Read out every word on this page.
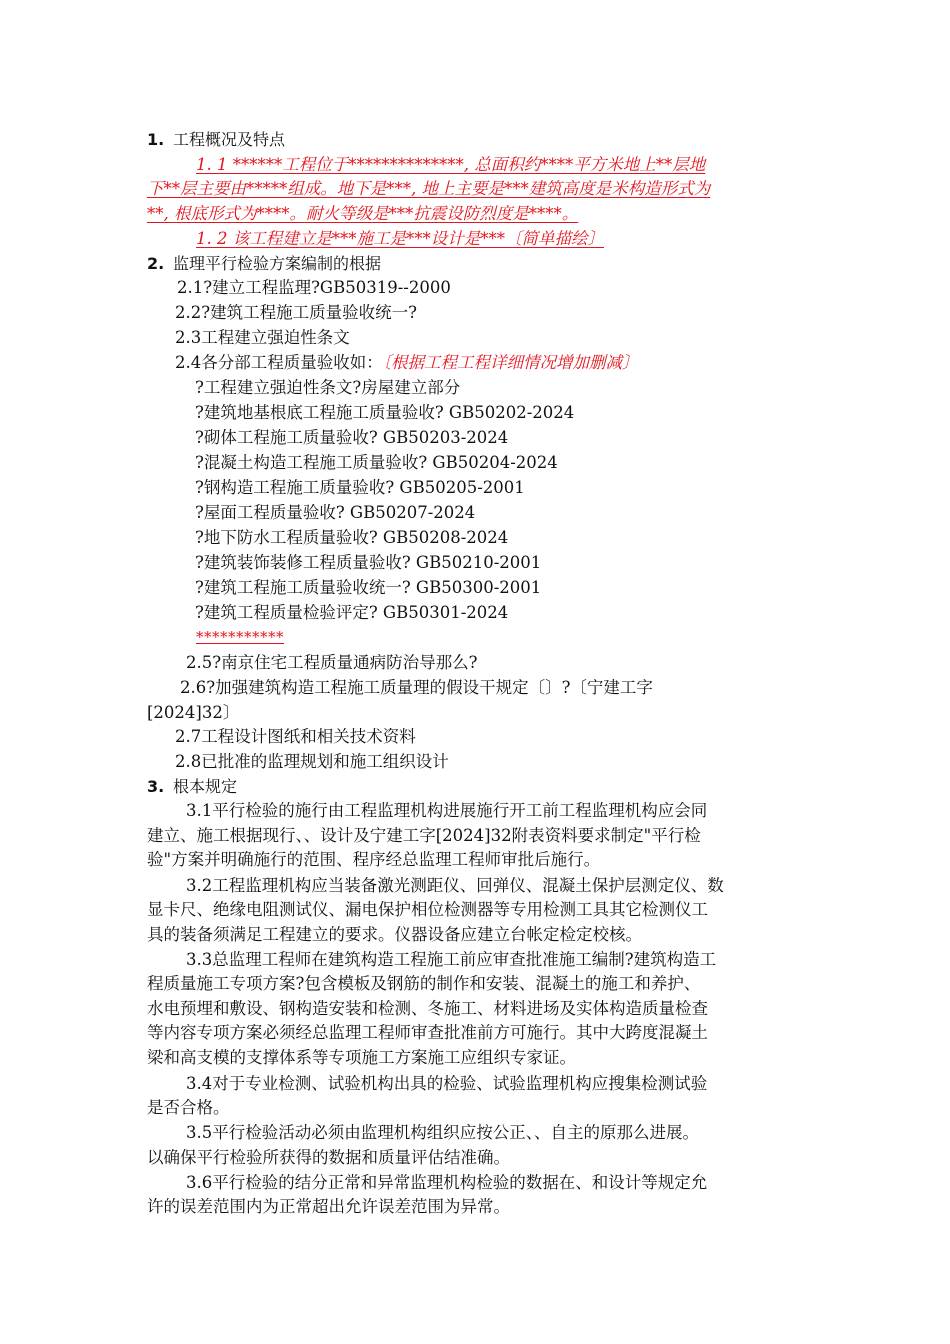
1. 工程概况及特点
1. 1 ******工程位于**************, 总面积约****平方米地上**层地
下**层主要由*****组成。地下是***, 地上主要是***建筑高度是米构造形式为
**, 根底形式为****。耐火等级是***抗震设防烈度是****。
1. 2 该工程建立是***施工是***设计是***〔简单描绘〕
2. 监理平行检验方案编制的根据
2.1?建立工程监理?GB50319--2000
2.2?建筑工程施工质量验收统一?
2.3工程建立强迫性条文
2.4各分部工程质量验收如：〔根据工程工程详细情况增加删减〕
?工程建立强迫性条文?房屋建立部分
?建筑地基根底工程施工质量验收? GB50202-2024
?砌体工程施工质量验收? GB50203-2024
?混凝土构造工程施工质量验收? GB50204-2024
?钢构造工程施工质量验收? GB50205-2001
?屋面工程质量验收? GB50207-2024
?地下防水工程质量验收? GB50208-2024
?建筑装饰装修工程质量验收? GB50210-2001
?建筑工程施工质量验收统一? GB50300-2001
?建筑工程质量检验评定? GB50301-2024
***********
2.5?南京住宅工程质量通病防治导那么?
2.6?加强建筑构造工程施工质量理的假设干规定〔〕?〔宁建工字
[2024]32〕
2.7工程设计图纸和相关技术资料
2.8已批准的监理规划和施工组织设计
3. 根本规定
3.1平行检验的施行由工程监理机构进展施行开工前工程监理机构应会同
建立、施工根据现行、、设计及宁建工字[2024]32附表资料要求制定"平行检
验"方案并明确施行的范围、程序经总监理工程师审批后施行。
3.2工程监理机构应当装备激光测距仪、回弹仪、混凝土保护层测定仪、数
显卡尺、绝缘电阻测试仪、漏电保护相位检测器等专用检测工具其它检测仪工
具的装备须满足工程建立的要求。仪器设备应建立台帐定检定校核。
3.3总监理工程师在建筑构造工程施工前应审查批准施工编制?建筑构造工
程质量施工专项方案?包含模板及钢筋的制作和安装、混凝土的施工和养护、
水电预埋和敷设、钢构造安装和检测、冬施工、材料进场及实体构造质量检查
等内容专项方案必须经总监理工程师审查批准前方可施行。其中大跨度混凝土
梁和高支模的支撑体系等专项施工方案施工应组织专家证。
3.4对于专业检测、试验机构出具的检验、试验监理机构应搜集检测试验
是否合格。
3.5平行检验活动必须由监理机构组织应按公正、、自主的原那么进展。
以确保平行检验所获得的数据和质量评估结准确。
3.6平行检验的结分正常和异常监理机构检验的数据在、和设计等规定允
许的误差范围内为正常超出允许误差范围为异常。
